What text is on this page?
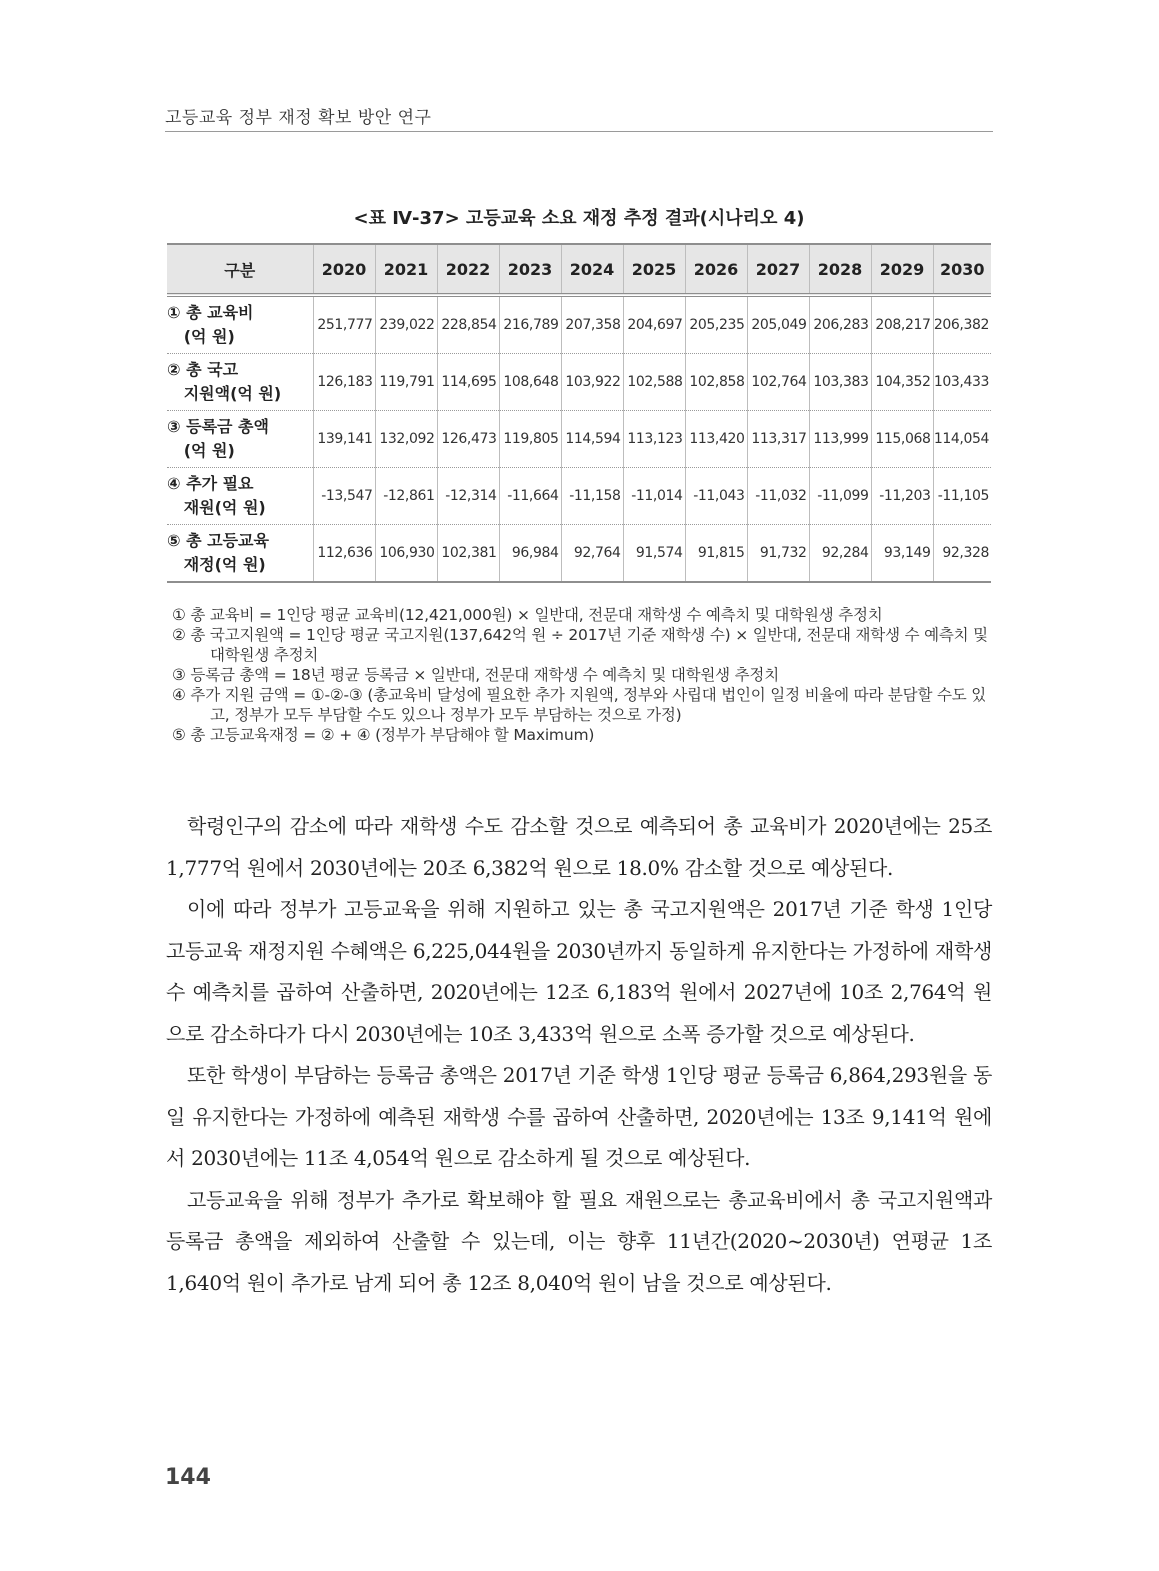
고등교육 정부 재정 확보 방안 연구
<표 Ⅳ-37> 고등교육 소요 재정 추정 결과(시나리오 4)
구분	2020	2021	2022	2023	2024	2025	2026	2027	2028	2029	2030
① 총 교육비
(억 원)	251,777	239,022	228,854	216,789	207,358	204,697	205,235	205,049	206,283	208,217	206,382
② 총 국고
지원액(억 원)	126,183	119,791	114,695	108,648	103,922	102,588	102,858	102,764	103,383	104,352	103,433
③ 등록금 총액
(억 원)	139,141	132,092	126,473	119,805	114,594	113,123	113,420	113,317	113,999	115,068	114,054
④ 추가 필요
재원(억 원)	-13,547	-12,861	-12,314	-11,664	-11,158	-11,014	-11,043	-11,032	-11,099	-11,203	-11,105
⑤ 총 고등교육
재정(억 원)	112,636	106,930	102,381	96,984	92,764	91,574	91,815	91,732	92,284	93,149	92,328

① 총 교육비 = 1인당 평균 교육비(12,421,000원) × 일반대, 전문대 재학생 수 예측치 및 대학원생 추정치

② 총 국고지원액 = 1인당 평균 국고지원(137,642억 원 ÷ 2017년 기준 재학생 수) × 일반대, 전문대 재학생 수 예측치 및 대학원생 추정치

③ 등록금 총액 = 18년 평균 등록금 × 일반대, 전문대 재학생 수 예측치 및 대학원생 추정치

④ 추가 지원 금액 = ①-②-③ (총교육비 달성에 필요한 추가 지원액, 정부와 사립대 법인이 일정 비율에 따라 분담할 수도 있고, 정부가 모두 부담할 수도 있으나 정부가 모두 부담하는 것으로 가정)

⑤ 총 고등교육재정 = ② + ④ (정부가 부담해야 할 Maximum)

학령인구의 감소에 따라 재학생 수도 감소할 것으로 예측되어 총 교육비가 2020년에는 25조 1,777억 원에서 2030년에는 20조 6,382억 원으로 18.0% 감소할 것으로 예상된다.

이에 따라 정부가 고등교육을 위해 지원하고 있는 총 국고지원액은 2017년 기준 학생 1인당 고등교육 재정지원 수혜액은 6,225,044원을 2030년까지 동일하게 유지한다는 가정하에 재학생 수 예측치를 곱하여 산출하면, 2020년에는 12조 6,183억 원에서 2027년에 10조 2,764억 원으로 감소하다가 다시 2030년에는 10조 3,433억 원으로 소폭 증가할 것으로 예상된다.

또한 학생이 부담하는 등록금 총액은 2017년 기준 학생 1인당 평균 등록금 6,864,293원을 동일 유지한다는 가정하에 예측된 재학생 수를 곱하여 산출하면, 2020년에는 13조 9,141억 원에서 2030년에는 11조 4,054억 원으로 감소하게 될 것으로 예상된다.

고등교육을 위해 정부가 추가로 확보해야 할 필요 재원으로는 총교육비에서 총 국고지원액과 등록금 총액을 제외하여 산출할 수 있는데, 이는 향후 11년간(2020~2030년) 연평균 1조 1,640억 원이 추가로 남게 되어 총 12조 8,040억 원이 남을 것으로 예상된다.

144
